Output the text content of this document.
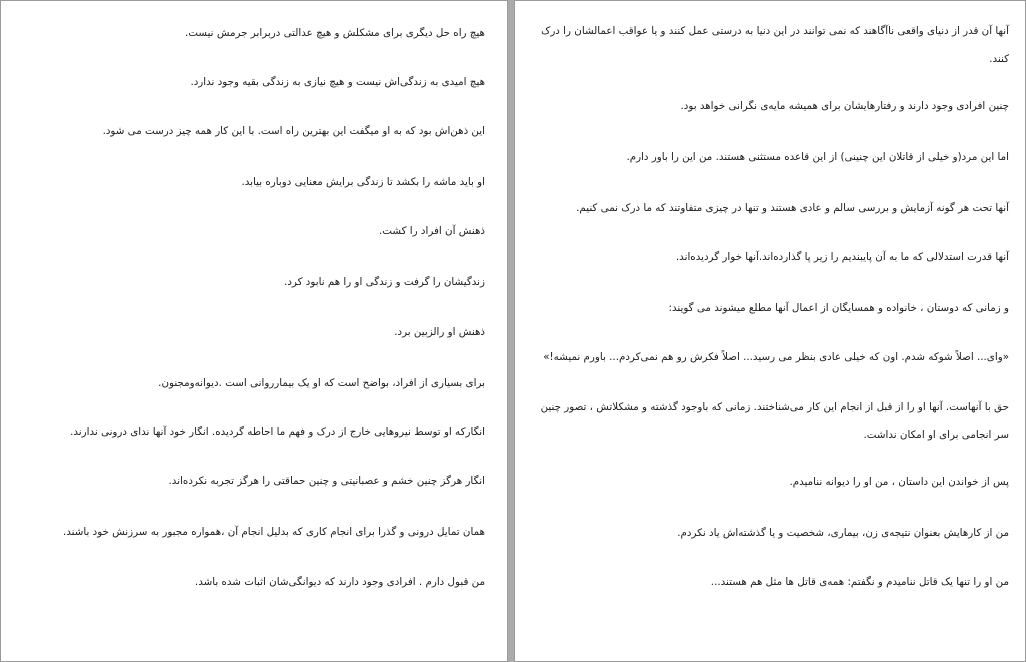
هیچ راه حل دیگری برای مشکلش و هیچ عدالتی دربرابر جرمش نیست.
هیچ امیدی به زندگی‌اش نیست و هیچ نیازی به زندگی بقیه وجود ندارد.
این ذهن‌اش بود که به او میگفت این بهترین راه است. با این کار همه چیز درست می شود.
او باید ماشه را بکشد تا زندگی برایش معنایی دوباره بیابد.
ذهنش آن افراد را کشت.
زندگیشان را گرفت و زندگی او را هم نابود کرد.
ذهنش او رالزبین برد.
برای بسیاری از افراد، بواضح است که او یک بیمارروانی است .دیوانه‌ومجنون.
انگارکه او توسط نیروهایی خارج از درک و فهم ما احاطه گردیده. انگار خود آنها ندای درونی ندارند.
انگار هرگز چنین خشم و عصبانیتی و چنین حماقتی را هرگز تجربه نکرده‌اند.
همان تمایل درونی و گذرا برای انجام کاری که بدلیل انجام آن ،همواره مجبور به سرزنش خود باشند.
من قبول دارم . افرادی وجود دارند که دیوانگی‌شان اثبات شده باشد.
آنها آن قدر از دنیای واقعی ناآگاهند که نمی توانند در این دنیا به درستی عمل کنند و یا عواقب اعمالشان را درک کنند.
چنین افرادی وجود دارند و رفتارهایشان برای همیشه مایه‌ی نگرانی خواهد بود.
اما این مرد(و خیلی از قاتلان این چنینی) از این قاعده مستثنی هستند. من این را باور دارم.
آنها تحت هر گونه آزمایش و بررسی سالم و عادی هستند و تنها در چیزی متفاوتند که ما درک نمی کنیم.
آنها قدرت استدلالی که ما به آن پایبندیم را زیر پا گذارده‌اند.آنها خوار گردیده‌اند.
و زمانی که دوستان ، خانواده و همسایگان از اعمال آنها مطلع میشوند می گویند:
«وای... اصلاً شوکه شدم. اون که خیلی عادی بنظر می رسید... اصلاً فکرش رو هم نمی‌کردم... باورم نمیشه!»
حق با آنهاست. آنها او را از قبل از انجام این کار می‌شناختند. زمانی که باوجود گذشته و مشکلاتش ، تصور چنین سر انجامی برای او امکان نداشت.
پس از خواندن این داستان ، من او را دیوانه ننامیدم.
من از کارهایش بعنوان نتیجه‌ی زن، بیماری، شخصیت و یا گذشته‌اش یاد نکردم.
من او را تنها یک قاتل ننامیدم و نگفتم: همه‌ی قاتل ها مثل هم هستند...
